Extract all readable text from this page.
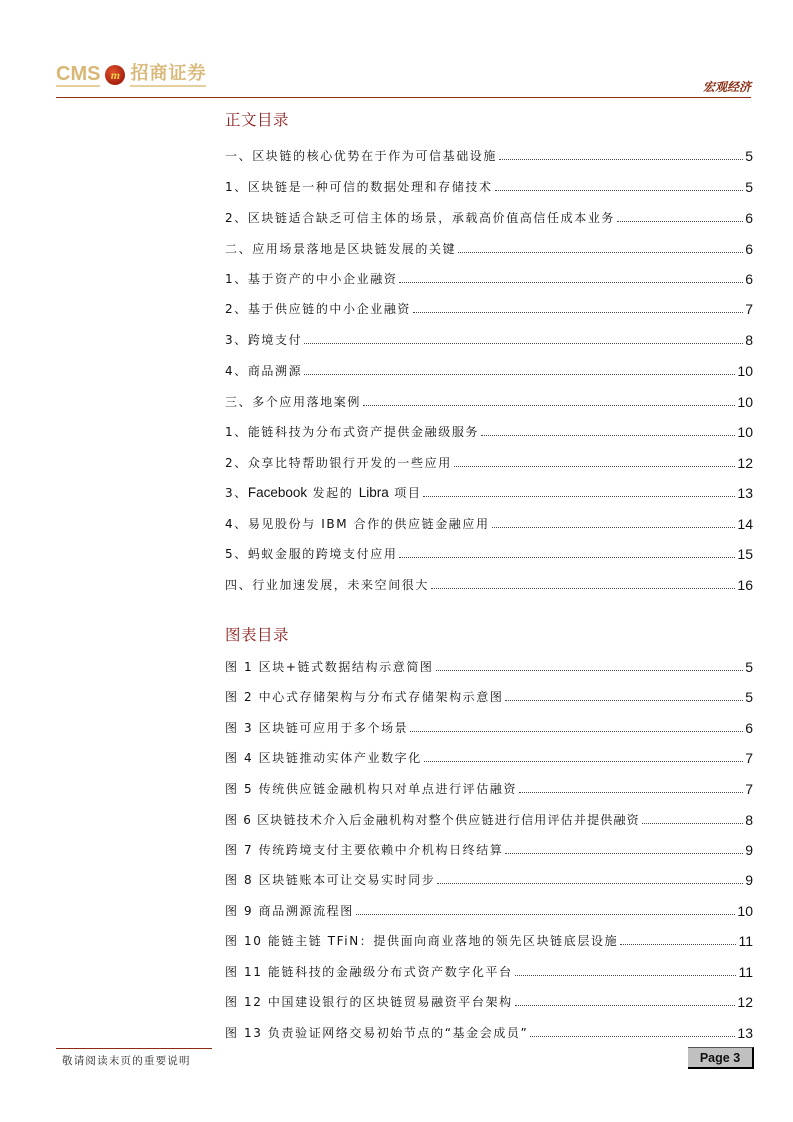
CMS m 招商证券
宏观经济
正文目录
一、区块链的核心优势在于作为可信基础设施	5
1、区块链是一种可信的数据处理和存储技术	5
2、区块链适合缺乏可信主体的场景，承载高价值高信任成本业务	6
二、应用场景落地是区块链发展的关键	6
1、基于资产的中小企业融资	6
2、基于供应链的中小企业融资	7
3、跨境支付	8
4、商品溯源	10
三、多个应用落地案例	10
1、能链科技为分布式资产提供金融级服务	10
2、众享比特帮助银行开发的一些应用	12
3、Facebook 发起的 Libra 项目	13
4、易见股份与 IBM 合作的供应链金融应用	14
5、蚂蚁金服的跨境支付应用	15
四、行业加速发展，未来空间很大	16
图表目录
图 1 区块+链式数据结构示意简图	5
图 2 中心式存储架构与分布式存储架构示意图	5
图 3 区块链可应用于多个场景	6
图 4 区块链推动实体产业数字化	7
图 5 传统供应链金融机构只对单点进行评估融资	7
图 6 区块链技术介入后金融机构对整个供应链进行信用评估并提供融资	8
图 7 传统跨境支付主要依赖中介机构日终结算	9
图 8 区块链账本可让交易实时同步	9
图 9 商品溯源流程图	10
图 10 能链主链 TFiN：提供面向商业落地的领先区块链底层设施	11
图 11 能链科技的金融级分布式资产数字化平台	11
图 12 中国建设银行的区块链贸易融资平台架构	12
图 13 负责验证网络交易初始节点的“基金会成员”	13
敬请阅读末页的重要说明	Page 3
